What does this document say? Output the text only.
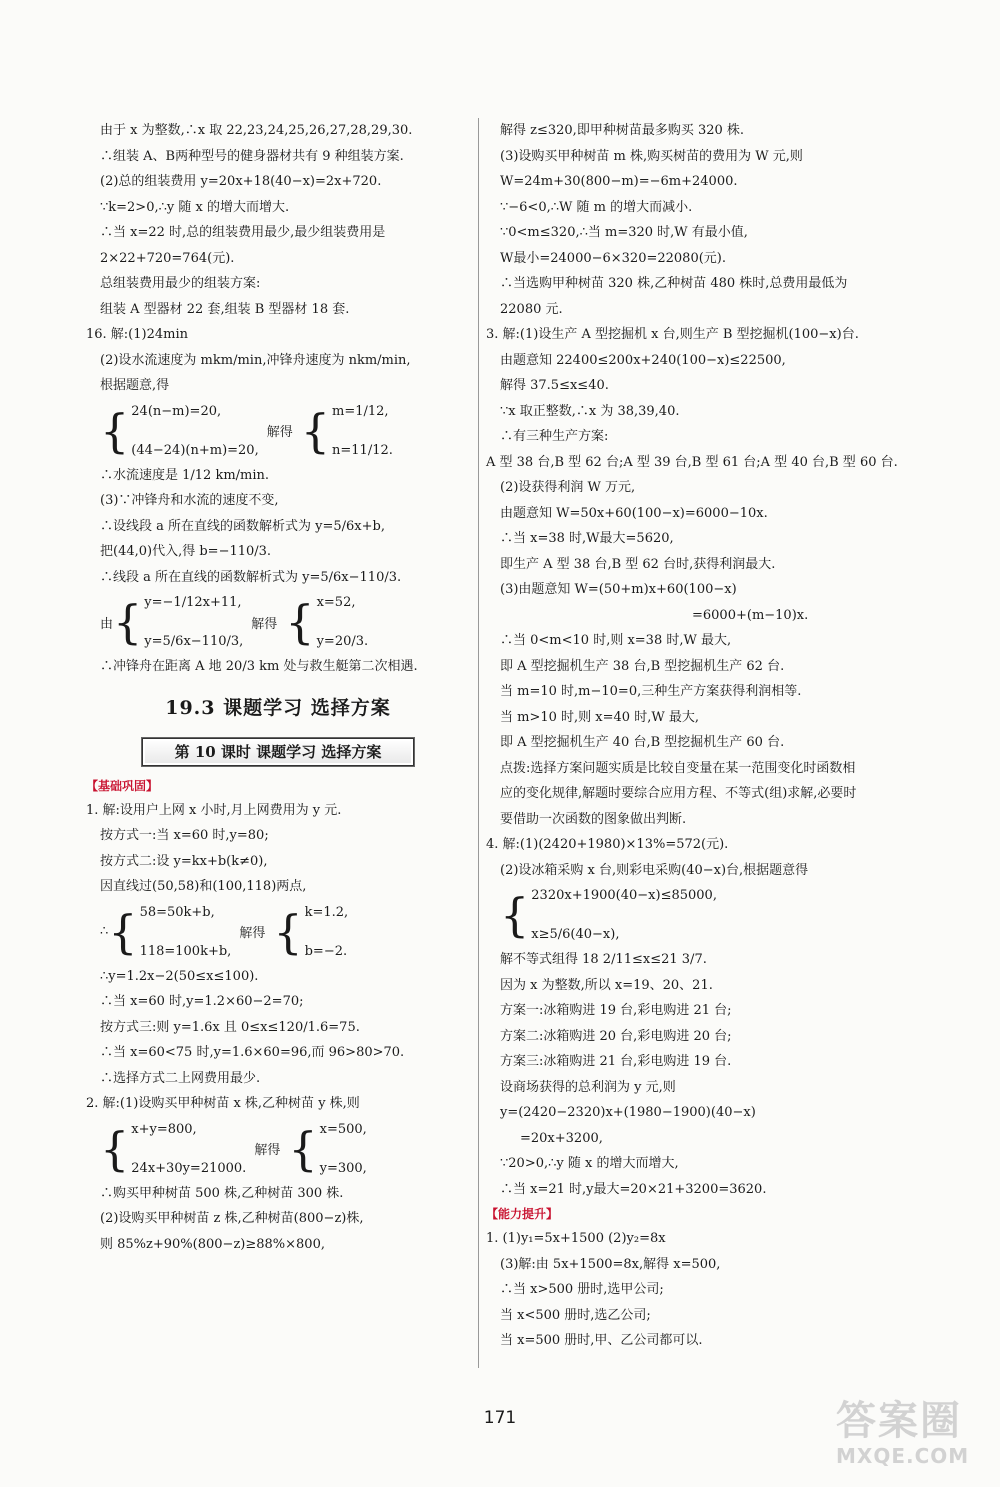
由于 x 为整数,∴x 取 22,23,24,25,26,27,28,29,30.
∴组装 A、B两种型号的健身器材共有 9 种组装方案.
(2)总的组装费用 y=20x+18(40−x)=2x+720.
∵k=2>0,∴y 随 x 的增大而增大.
∴当 x=22 时,总的组装费用最少,最少组装费用是
2×22+720=764(元).
总组装费用最少的组装方案:
组装 A 型器材 22 套,组装 B 型器材 18 套.
16. 解:(1)24min
(2)设水流速度为 mkm/min,冲锋舟速度为 nkm/min,
根据题意,得
{ 24(n−m)=20,
(44−24)(n+m)=20,
解得 { m=1/12,
n=11/12.
∴水流速度是 1/12 km/min.
(3)∵冲锋舟和水流的速度不变,
∴设线段 a 所在直线的函数解析式为 y=5/6x+b,
把(44,0)代入,得 b=−110/3.
∴线段 a 所在直线的函数解析式为 y=5/6x−110/3.
由 { y=−1/12x+11,
y=5/6x−110/3,
解得 { x=52,
y=20/3.
∴冲锋舟在距离 A 地 20/3 km 处与救生艇第二次相遇.
19.3 课题学习 选择方案
第 10 课时 课题学习 选择方案
【基础巩固】
1. 解:设用户上网 x 小时,月上网费用为 y 元.
按方式一:当 x=60 时,y=80;
按方式二:设 y=kx+b(k≠0),
因直线过(50,58)和(100,118)两点,
∴ { 58=50k+b,
118=100k+b,
解得 { k=1.2,
b=−2.
∴y=1.2x−2(50≤x≤100).
∴当 x=60 时,y=1.2×60−2=70;
按方式三:则 y=1.6x 且 0≤x≤120/1.6=75.
∴当 x=60<75 时,y=1.6×60=96,而 96>80>70.
∴选择方式二上网费用最少.
2. 解:(1)设购买甲种树苗 x 株,乙种树苗 y 株,则
{ x+y=800,
24x+30y=21000.
解得 { x=500,
y=300,
∴购买甲种树苗 500 株,乙种树苗 300 株.
(2)设购买甲种树苗 z 株,乙种树苗(800−z)株,
则 85%z+90%(800−z)≥88%×800,
解得 z≤320,即甲种树苗最多购买 320 株.
(3)设购买甲种树苗 m 株,购买树苗的费用为 W 元,则
W=24m+30(800−m)=−6m+24000.
∵−6<0,∴W 随 m 的增大而减小.
∵0<m≤320,∴当 m=320 时,W 有最小值,
W最小=24000−6×320=22080(元).
∴当选购甲种树苗 320 株,乙种树苗 480 株时,总费用最低为
22080 元.
3. 解:(1)设生产 A 型挖掘机 x 台,则生产 B 型挖掘机(100−x)台.
由题意知 22400≤200x+240(100−x)≤22500,
解得 37.5≤x≤40.
∵x 取正整数,∴x 为 38,39,40.
∴有三种生产方案:
A 型 38 台,B 型 62 台;A 型 39 台,B 型 61 台;A 型 40 台,B 型 60 台.
(2)设获得利润 W 万元,
由题意知 W=50x+60(100−x)=6000−10x.
∴当 x=38 时,W最大=5620,
即生产 A 型 38 台,B 型 62 台时,获得利润最大.
(3)由题意知 W=(50+m)x+60(100−x)
=6000+(m−10)x.
∴当 0<m<10 时,则 x=38 时,W 最大,
即 A 型挖掘机生产 38 台,B 型挖掘机生产 62 台.
当 m=10 时,m−10=0,三种生产方案获得利润相等.
当 m>10 时,则 x=40 时,W 最大,
即 A 型挖掘机生产 40 台,B 型挖掘机生产 60 台.
点拨:选择方案问题实质是比较自变量在某一范围变化时函数相
应的变化规律,解题时要综合应用方程、不等式(组)求解,必要时
要借助一次函数的图象做出判断.
4. 解:(1)(2420+1980)×13%=572(元).
(2)设冰箱采购 x 台,则彩电采购(40−x)台,根据题意得
{ 2320x+1900(40−x)≤85000,
x≥5/6(40−x),
解不等式组得 18 2/11≤x≤21 3/7.
因为 x 为整数,所以 x=19、20、21.
方案一:冰箱购进 19 台,彩电购进 21 台;
方案二:冰箱购进 20 台,彩电购进 20 台;
方案三:冰箱购进 21 台,彩电购进 19 台.
设商场获得的总利润为 y 元,则
y=(2420−2320)x+(1980−1900)(40−x)
=20x+3200,
∵20>0,∴y 随 x 的增大而增大,
∴当 x=21 时,y最大=20×21+3200=3620.
【能力提升】
1. (1)y₁=5x+1500 (2)y₂=8x
(3)解:由 5x+1500=8x,解得 x=500,
∴当 x>500 册时,选甲公司;
当 x<500 册时,选乙公司;
当 x=500 册时,甲、乙公司都可以.
171	答案圈
MXQE.COM
